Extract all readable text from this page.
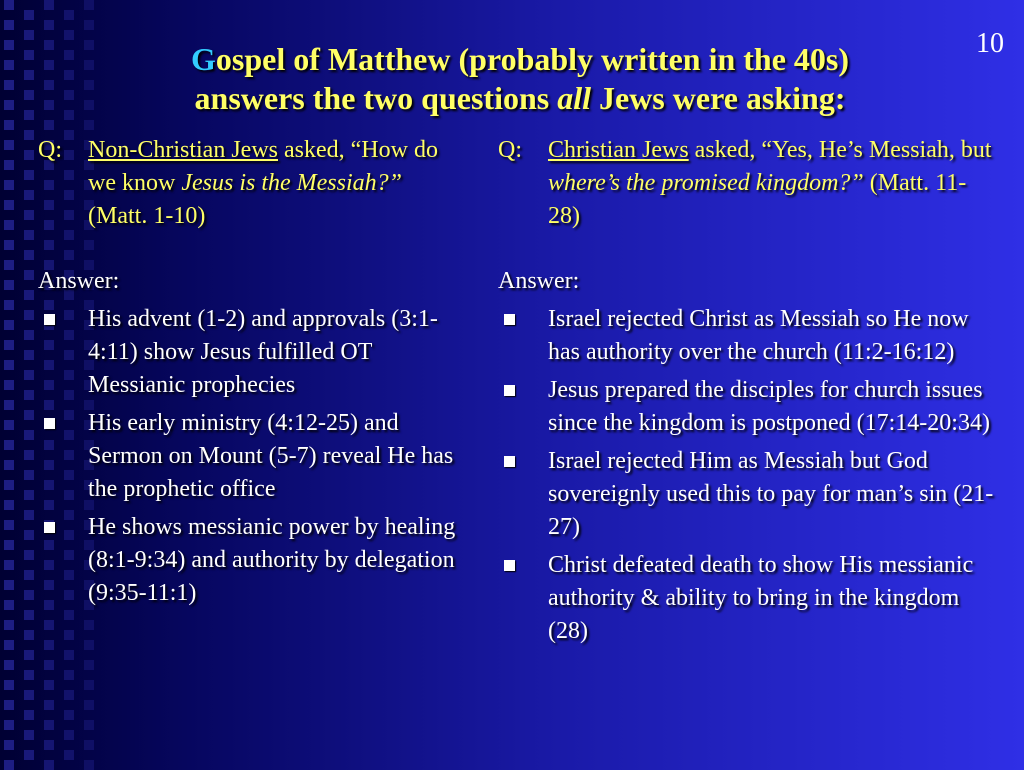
10
Gospel of Matthew (probably written in the 40s)
answers the two questions all Jews were asking:
Q:	Non-Christian Jews asked, “How do we know Jesus is the Messiah?” (Matt. 1-10)
Answer:
His advent (1-2) and approvals (3:1-4:11) show Jesus fulfilled OT Messianic prophecies
His early ministry (4:12-25) and Sermon on Mount (5-7) reveal He has the prophetic office
He shows messianic power by healing (8:1-9:34) and authority by delegation (9:35-11:1)
Q:	Christian Jews asked, “Yes, He’s Messiah, but where’s the promised kingdom?” (Matt. 11-28)
Answer:
Israel rejected Christ as Messiah so He now has authority over the church (11:2-16:12)
Jesus prepared the disciples for church issues since the kingdom is postponed (17:14-20:34)
Israel rejected Him as Messiah but God sovereignly used this to pay for man’s sin (21-27)
Christ defeated death to show His messianic authority & ability to bring in the kingdom (28)
